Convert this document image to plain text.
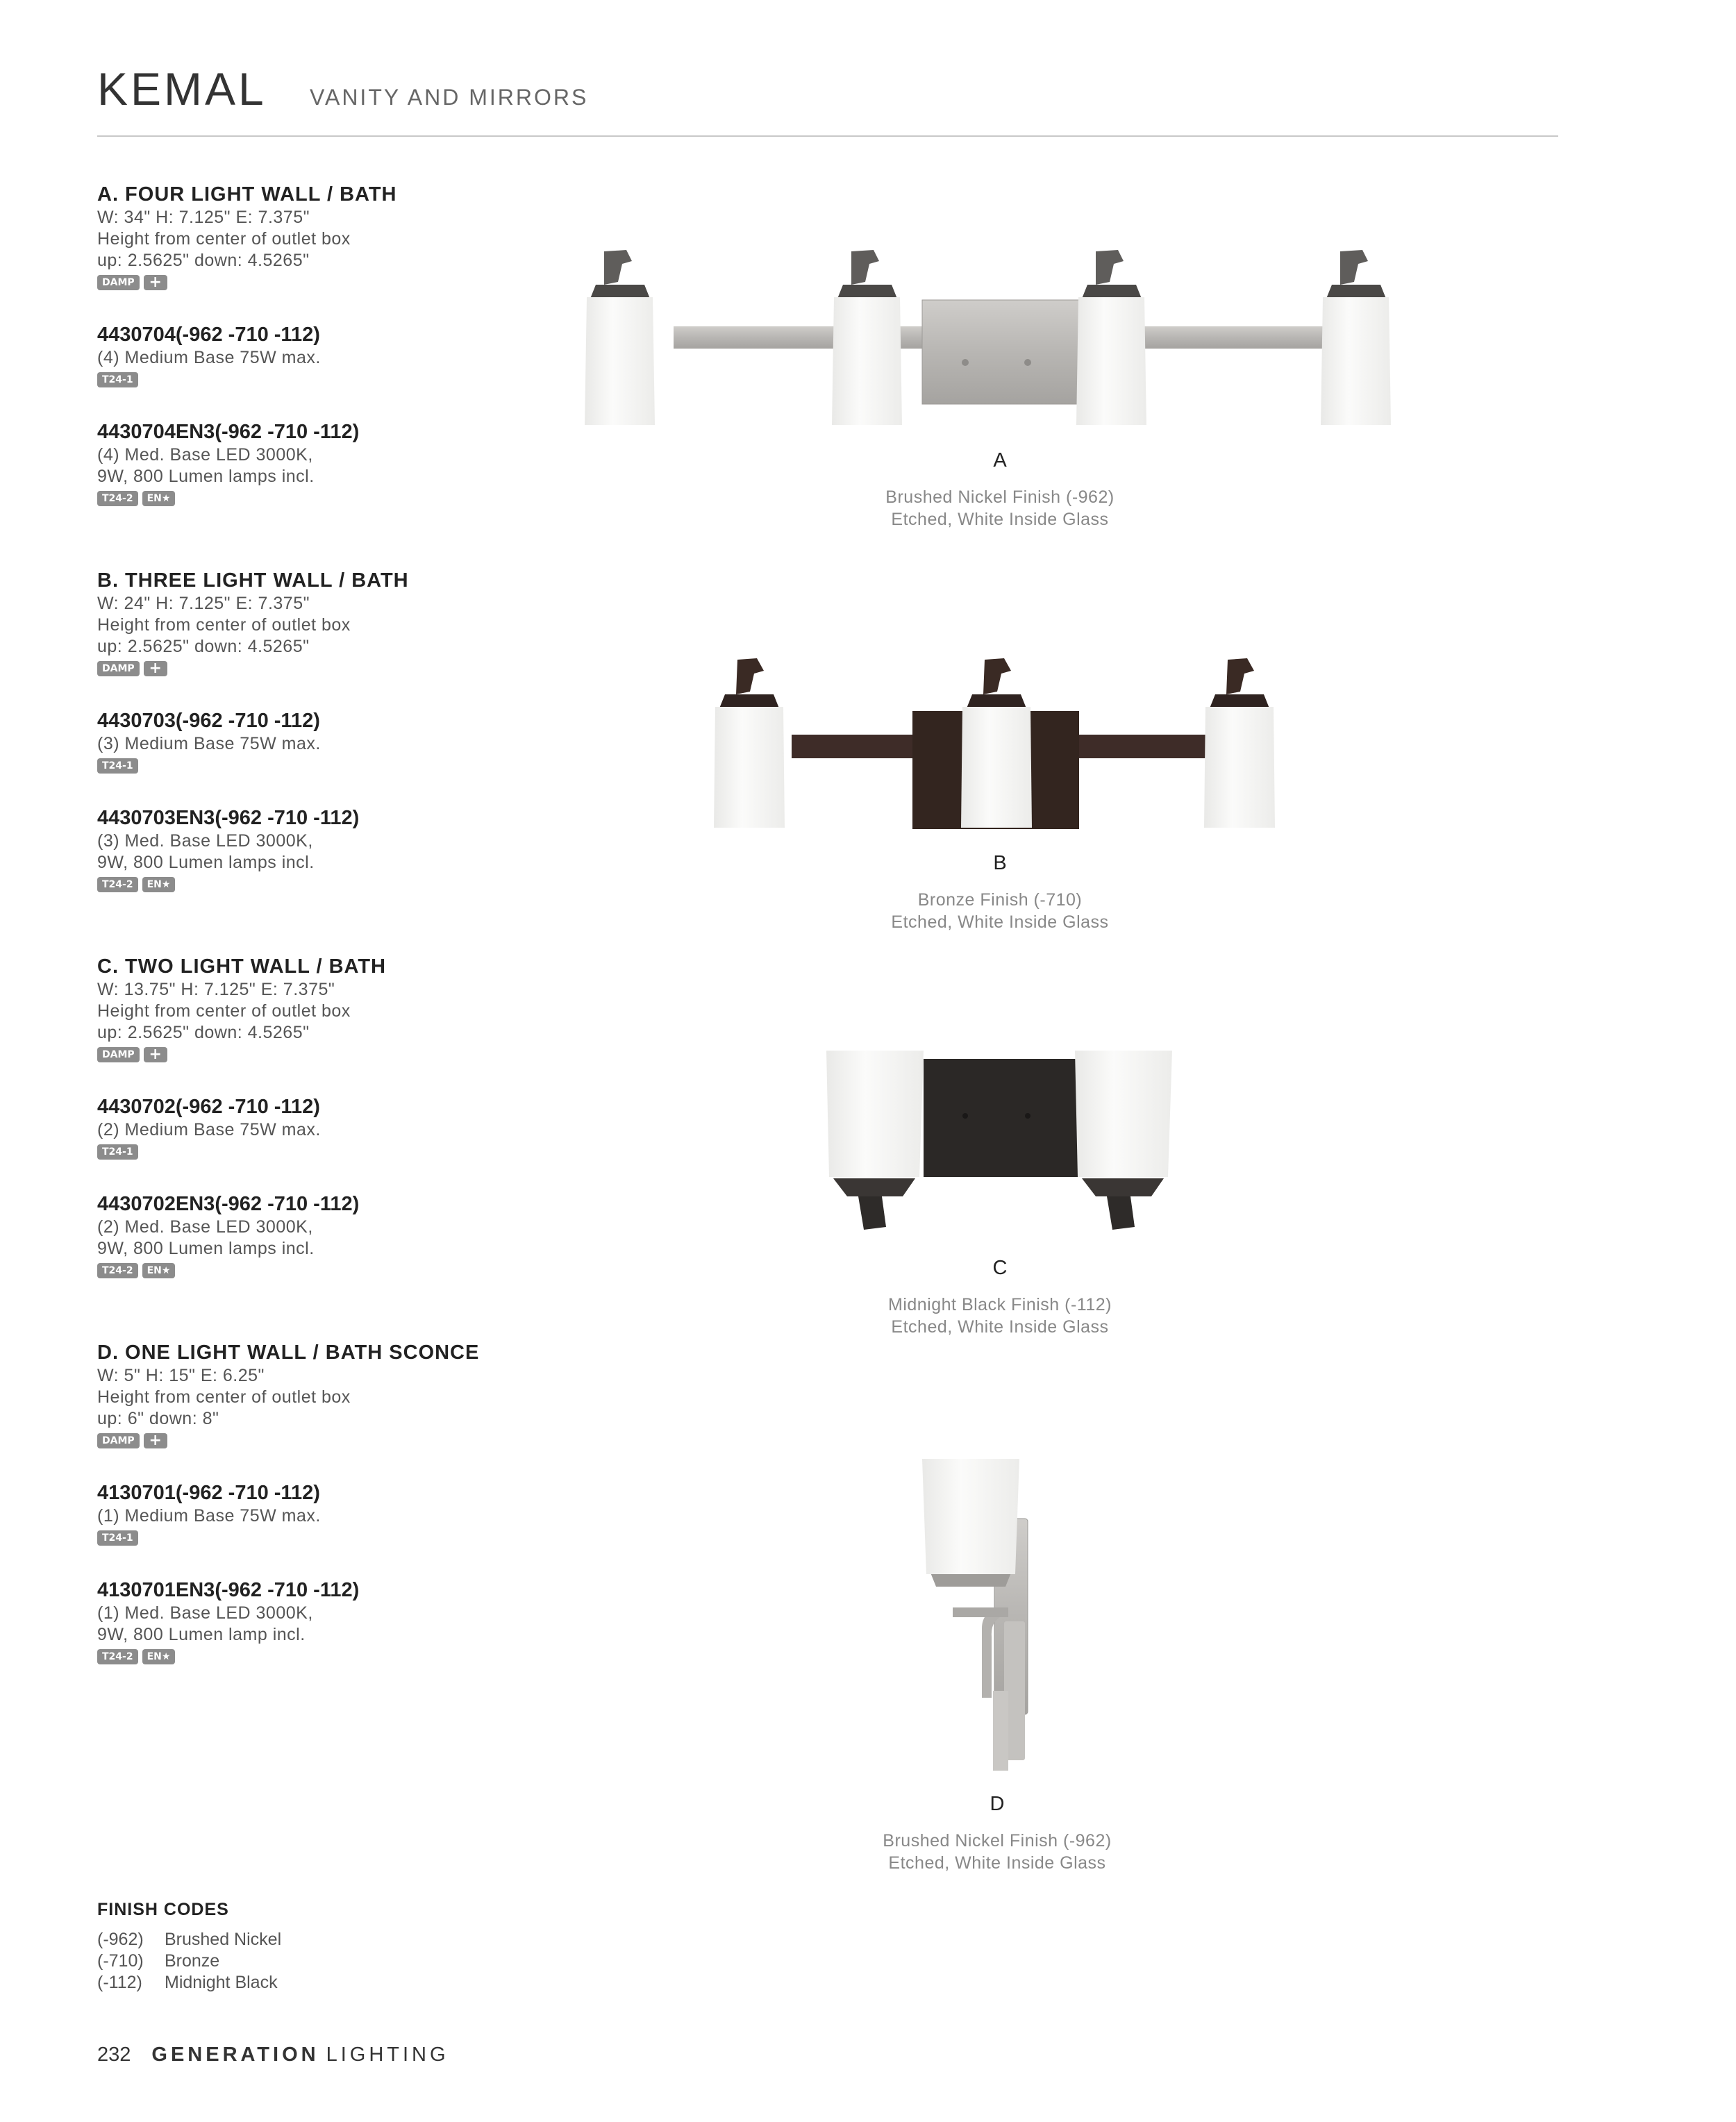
KEMAL VANITY AND MIRRORS
A. FOUR LIGHT WALL / BATH
W: 34" H: 7.125" E: 7.375"
Height from center of outlet box
up: 2.5625" down: 4.5265"
DAMP +
4430704(-962 -710 -112)
(4) Medium Base 75W max.
T24-1
4430704EN3(-962 -710 -112)
(4) Med. Base LED 3000K,
9W, 800 Lumen lamps incl.
T24-2	EN★
B. THREE LIGHT WALL / BATH
W: 24" H: 7.125" E: 7.375"
Height from center of outlet box
up: 2.5625" down: 4.5265"
DAMP +
4430703(-962 -710 -112)
(3) Medium Base 75W max.
T24-1
4430703EN3(-962 -710 -112)
(3) Med. Base LED 3000K,
9W, 800 Lumen lamps incl.
T24-2	EN★
C. TWO LIGHT WALL / BATH
W: 13.75" H: 7.125" E: 7.375"
Height from center of outlet box
up: 2.5625" down: 4.5265"
DAMP +
4430702(-962 -710 -112)
(2) Medium Base 75W max.
T24-1
4430702EN3(-962 -710 -112)
(2) Med. Base LED 3000K,
9W, 800 Lumen lamps incl.
T24-2	EN★
D. ONE LIGHT WALL / BATH SCONCE
W: 5" H: 15" E: 6.25"
Height from center of outlet box
up: 6" down: 8"
DAMP +
4130701(-962 -710 -112)
(1) Medium Base 75W max.
T24-1
4130701EN3(-962 -710 -112)
(1) Med. Base LED 3000K,
9W, 800 Lumen lamp incl.
T24-2	EN★
A
Brushed Nickel Finish (-962)
Etched, White Inside Glass
B
Bronze Finish (-710)
Etched, White Inside Glass
C
Midnight Black Finish (-112)
Etched, White Inside Glass
D
Brushed Nickel Finish (-962)
Etched, White Inside Glass
FINISH CODES
(-962)	Brushed Nickel
(-710)	Bronze
(-112)	Midnight Black
232 GENERATION LIGHTING
